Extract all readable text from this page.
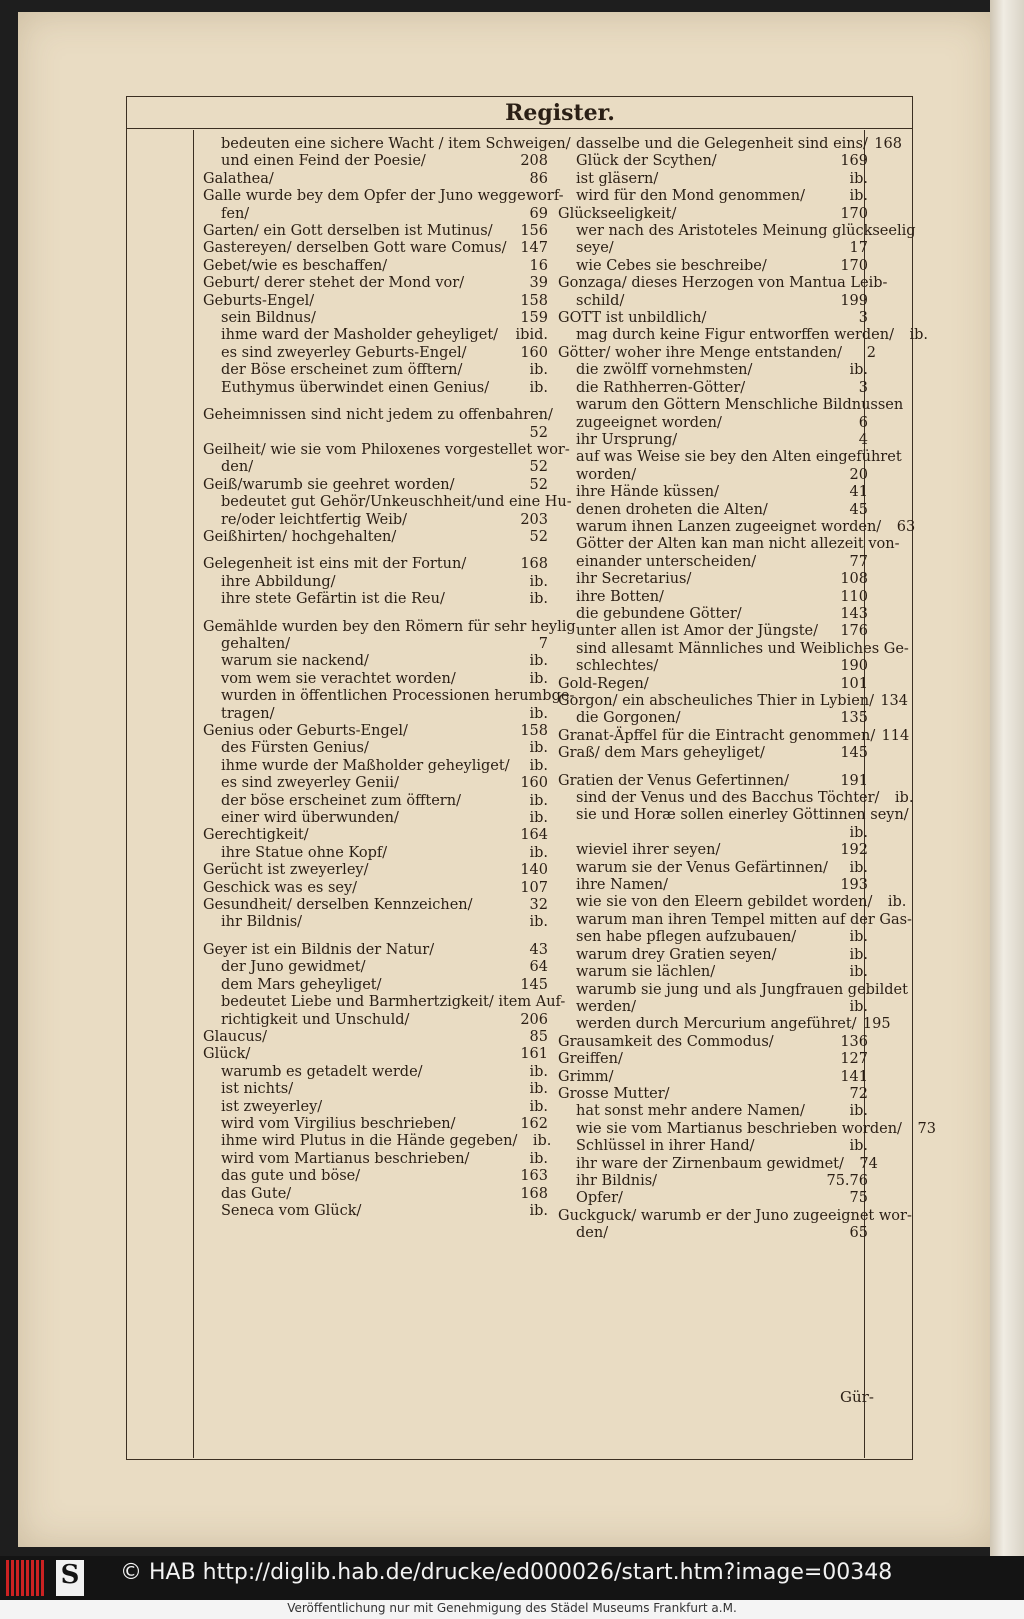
Register.
bedeuten eine sichere Wacht / item Schweigen/
und einen Feind der Poesie/	208
Galathea/	86
Galle wurde bey dem Opfer der Juno weggeworf-
fen/	69
Garten/ ein Gott derselben ist Mutinus/	156
Gastereyen/ derselben Gott ware Comus/ 147
Gebet/wie es beschaffen/	16
Geburt/ derer stehet der Mond vor/	39
Geburts-Engel/	158
sein Bildnus/	159
ihme ward der Masholder geheyliget/	ibid.
es sind zweyerley Geburts-Engel/	160
der Böse erscheinet zum öfftern/	ib.
Euthymus überwindet einen Genius/	ib.
Geheimnissen sind nicht jedem zu offenbahren/
52
Geilheit/ wie sie vom Philoxenes vorgestellet wor-
den/	52
Geiß/warumb sie geehret worden/	52
bedeutet gut Gehör/Unkeuschheit/und eine Hu-
re/oder leichtfertig Weib/	203
Geißhirten/ hochgehalten/	52
Gelegenheit ist eins mit der Fortun/	168
ihre Abbildung/	ib.
ihre stete Gefärtin ist die Reu/	ib.
Gemählde wurden bey den Römern für sehr heylig
gehalten/	7
warum sie nackend/	ib.
vom wem sie verachtet worden/	ib.
wurden in öffentlichen Processionen herumbge-
tragen/	ib.
Genius oder Geburts-Engel/	158
des Fürsten Genius/	ib.
ihme wurde der Maßholder geheyliget/	ib.
es sind zweyerley Genii/	160
der böse erscheinet zum öfftern/	ib.
einer wird überwunden/	ib.
Gerechtigkeit/	164
ihre Statue ohne Kopf/	ib.
Gerücht ist zweyerley/	140
Geschick was es sey/	107
Gesundheit/ derselben Kennzeichen/	32
ihr Bildnis/	ib.
Geyer ist ein Bildnis der Natur/	43
der Juno gewidmet/	64
dem Mars geheyliget/	145
bedeutet Liebe und Barmhertzigkeit/ item Auf-
richtigkeit und Unschuld/	206
Glaucus/	85
Glück/	161
warumb es getadelt werde/	ib.
ist nichts/	ib.
ist zweyerley/	ib.
wird vom Virgilius beschrieben/	162
ihme wird Plutus in die Hände gegeben/	ib.
wird vom Martianus beschrieben/	ib.
das gute und böse/	163
das Gute/	168
Seneca vom Glück/	ib.
dasselbe und die Gelegenheit sind eins/ 168
Glück der Scythen/	169
ist gläsern/	ib.
wird für den Mond genommen/	ib.
Glückseeligkeit/	170
wer nach des Aristoteles Meinung glückseelig
seye/	17
wie Cebes sie beschreibe/	170
Gonzaga/ dieses Herzogen von Mantua Leib-
schild/	199
GOTT ist unbildlich/	3
mag durch keine Figur entworffen werden/	ib.
Götter/ woher ihre Menge entstanden/	2
die zwölff vornehmsten/	ib.
die Rathherren-Götter/	3
warum den Göttern Menschliche Bildnussen
zugeeignet worden/	6
ihr Ursprung/	4
auf was Weise sie bey den Alten eingeführet
worden/	20
ihre Hände küssen/	41
denen droheten die Alten/	45
warum ihnen Lanzen zugeeignet worden/	63
Götter der Alten kan man nicht allezeit von-
einander unterscheiden/	77
ihr Secretarius/	108
ihre Botten/	110
die gebundene Götter/	143
unter allen ist Amor der Jüngste/	176
sind allesamt Männliches und Weibliches Ge-
schlechtes/	190
Gold-Regen/	101
Gorgon/ ein abscheuliches Thier in Lybien/ 134
die Gorgonen/	135
Granat-Äpffel für die Eintracht genommen/ 114
Graß/ dem Mars geheyliget/	145
Gratien der Venus Gefertinnen/	191
sind der Venus und des Bacchus Töchter/	ib.
sie und Horæ sollen einerley Göttinnen seyn/
ib.
wieviel ihrer seyen/	192
warum sie der Venus Gefärtinnen/	ib.
ihre Namen/	193
wie sie von den Eleern gebildet worden/	ib.
warum man ihren Tempel mitten auf der Gas-
sen habe pflegen aufzubauen/	ib.
warum drey Gratien seyen/	ib.
warum sie lächlen/	ib.
warumb sie jung und als Jungfrauen gebildet
werden/	ib.
werden durch Mercurium angeführet/ 195
Grausamkeit des Commodus/	136
Greiffen/	127
Grimm/	141
Grosse Mutter/	72
hat sonst mehr andere Namen/	ib.
wie sie vom Martianus beschrieben worden/	73
Schlüssel in ihrer Hand/	ib.
ihr ware der Zirnenbaum gewidmet/	74
ihr Bildnis/	75.76
Opfer/	75
Guckguck/ warumb er der Juno zugeeignet wor-
den/	65
Gür-
S © HAB http://diglib.hab.de/drucke/ed000026/start.htm?image=00348
Veröffentlichung nur mit Genehmigung des Städel Museums Frankfurt a.M.
